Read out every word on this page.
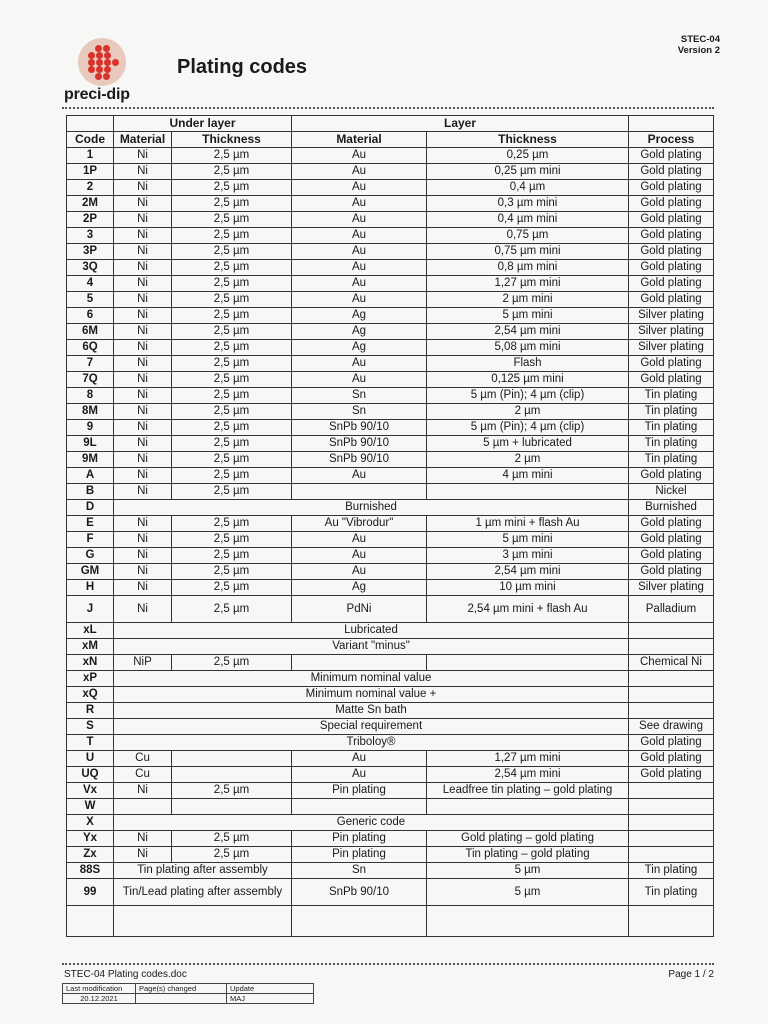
preci-dip
Plating codes
STEC-04
Version 2
	Under layer		Layer		
Code	Material	Thickness	Material	Thickness	Process
1	Ni	2,5 µm	Au	0,25 µm	Gold plating
1P	Ni	2,5 µm	Au	0,25 µm mini	Gold plating
2	Ni	2,5 µm	Au	0,4 µm	Gold plating
2M	Ni	2,5 µm	Au	0,3 µm mini	Gold plating
2P	Ni	2,5 µm	Au	0,4 µm mini	Gold plating
3	Ni	2,5 µm	Au	0,75 µm	Gold plating
3P	Ni	2,5 µm	Au	0,75 µm mini	Gold plating
3Q	Ni	2,5 µm	Au	0,8 µm mini	Gold plating
4	Ni	2,5 µm	Au	1,27 µm mini	Gold plating
5	Ni	2,5 µm	Au	2 µm mini	Gold plating
6	Ni	2,5 µm	Ag	5 µm mini	Silver plating
6M	Ni	2,5 µm	Ag	2,54 µm mini	Silver plating
6Q	Ni	2,5 µm	Ag	5,08 µm mini	Silver plating
7	Ni	2,5 µm	Au	Flash	Gold plating
7Q	Ni	2,5 µm	Au	0,125 µm mini	Gold plating
8	Ni	2,5 µm	Sn	5 µm (Pin); 4 µm (clip)	Tin plating
8M	Ni	2,5 µm	Sn	2 µm	Tin plating
9	Ni	2,5 µm	SnPb 90/10	5 µm (Pin); 4 µm (clip)	Tin plating
9L	Ni	2,5 µm	SnPb 90/10	5 µm + lubricated	Tin plating
9M	Ni	2,5 µm	SnPb 90/10	2 µm	Tin plating
A	Ni	2,5 µm	Au	4 µm mini	Gold plating
B	Ni	2,5 µm			Nickel
D	Burnished				Burnished
E	Ni	2,5 µm	Au "Vibrodur"	1 µm mini + flash Au	Gold plating
F	Ni	2,5 µm	Au	5 µm mini	Gold plating
G	Ni	2,5 µm	Au	3 µm mini	Gold plating
GM	Ni	2,5 µm	Au	2,54 µm mini	Gold plating
H	Ni	2,5 µm	Ag	10 µm mini	Silver plating
J	Ni	2,5 µm	PdNi	2,54 µm mini + flash Au	Palladium
xL	Lubricated				
xM	Variant "minus"				
xN	NiP	2,5 µm			Chemical Ni
xP	Minimum nominal value				
xQ	Minimum nominal value +				
R	Matte Sn bath				
S	Special requirement				See drawing
T	Triboloy®				Gold plating
U	Cu		Au	1,27 µm mini	Gold plating
UQ	Cu		Au	2,54 µm mini	Gold plating
Vx	Ni	2,5 µm	Pin plating	Leadfree tin plating – gold plating	
W					
X	Generic code				
Yx	Ni	2,5 µm	Pin plating	Gold plating – gold plating	
Zx	Ni	2,5 µm	Pin plating	Tin plating – gold plating	
88S	Tin plating after assembly		Sn	5 µm	Tin plating
99	Tin/Lead plating after assembly		SnPb 90/10	5 µm	Tin plating

STEC-04 Plating codes.doc	Page 1 / 2
Last modification	Page(s) changed	Update
20.12.2021		MAJ
